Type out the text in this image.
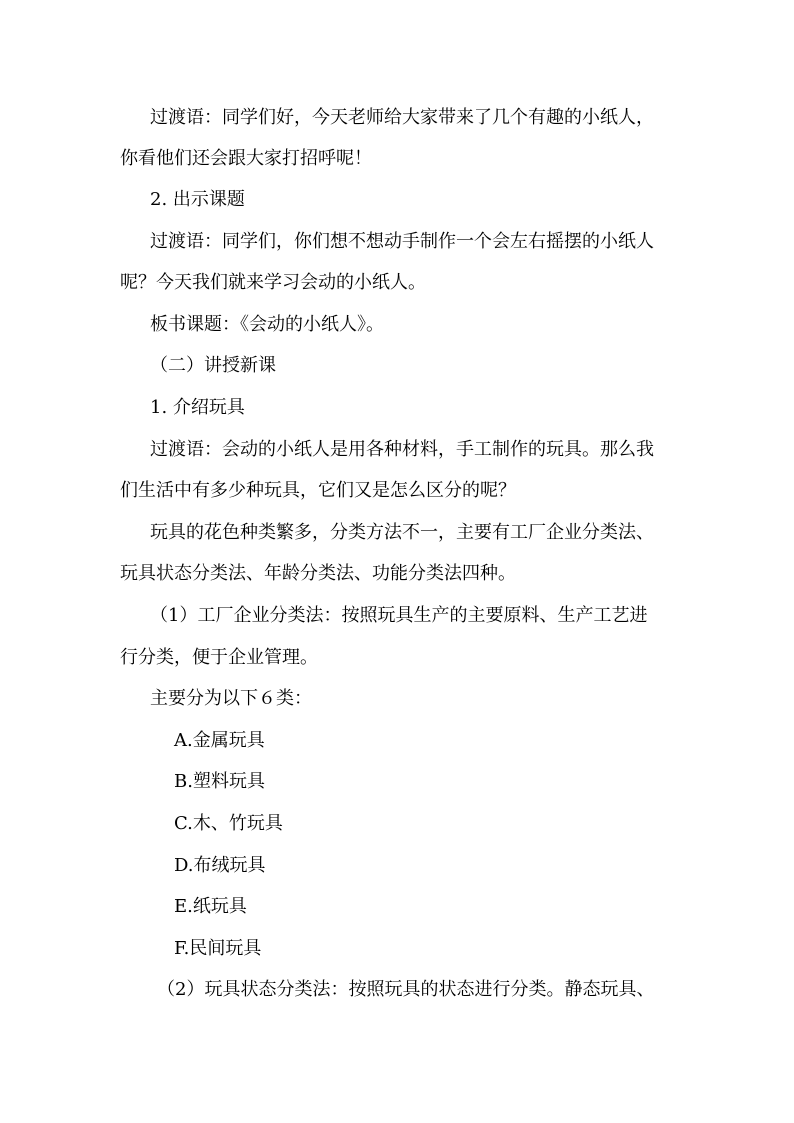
过渡语：同学们好，今天老师给大家带来了几个有趣的小纸人，
你看他们还会跟大家打招呼呢！
2. 出示课题
过渡语：同学们，你们想不想动手制作一个会左右摇摆的小纸人
呢？今天我们就来学习会动的小纸人。
板书课题：《会动的小纸人》。
（二）讲授新课
1. 介绍玩具
过渡语：会动的小纸人是用各种材料，手工制作的玩具。那么我
们生活中有多少种玩具，它们又是怎么区分的呢？
玩具的花色种类繁多，分类方法不一，主要有工厂企业分类法、
玩具状态分类法、年龄分类法、功能分类法四种。
（1）工厂企业分类法：按照玩具生产的主要原料、生产工艺进
行分类，便于企业管理。
主要分为以下６类：
A.金属玩具
B.塑料玩具
C.木、竹玩具
D.布绒玩具
E.纸玩具
F.民间玩具
（2）玩具状态分类法：按照玩具的状态进行分类。静态玩具、
